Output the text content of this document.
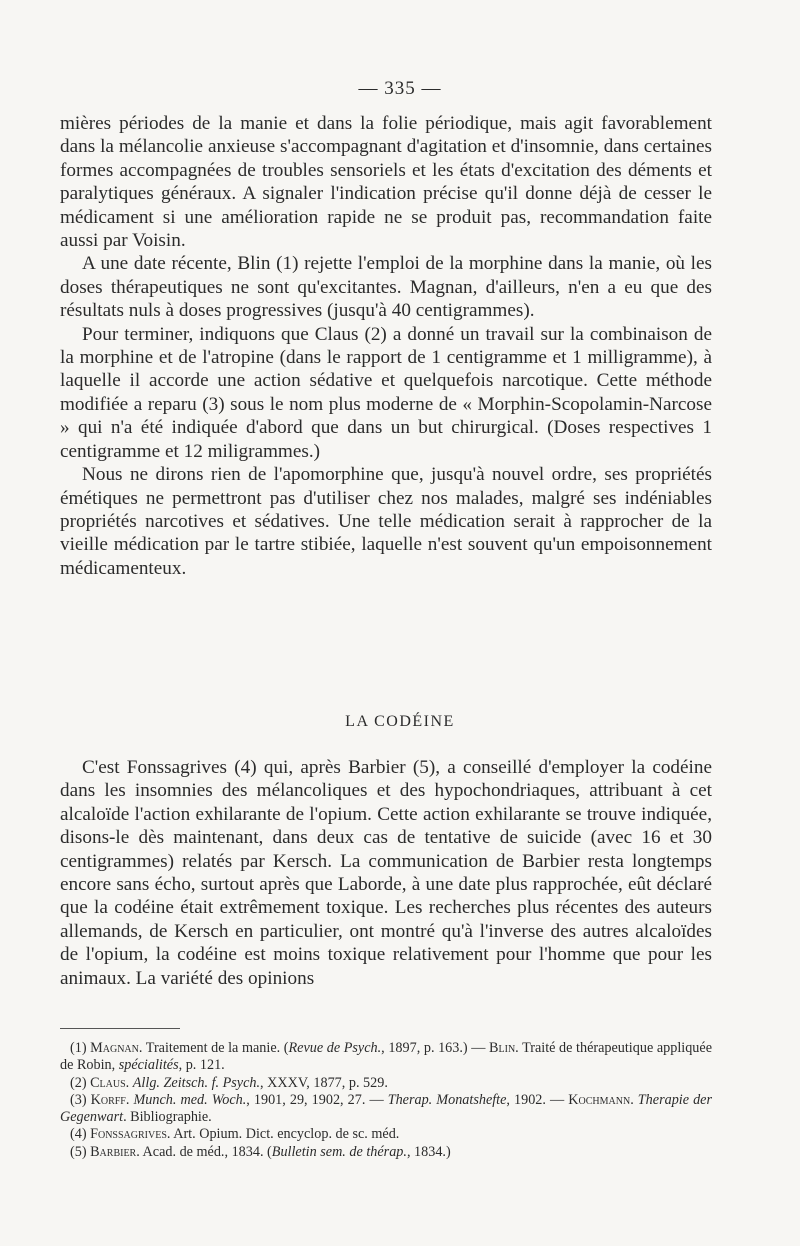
— 335 —

mières périodes de la manie et dans la folie périodique, mais agit favorablement dans la mélancolie anxieuse s'accompagnant d'agitation et d'insomnie, dans certaines formes accompagnées de troubles sensoriels et les états d'excitation des déments et paralytiques généraux. A signaler l'indication précise qu'il donne déjà de cesser le médicament si une amélioration rapide ne se produit pas, recommandation faite aussi par Voisin.

A une date récente, Blin (1) rejette l'emploi de la morphine dans la manie, où les doses thérapeutiques ne sont qu'excitantes. Magnan, d'ailleurs, n'en a eu que des résultats nuls à doses progressives (jusqu'à 40 centigrammes).

Pour terminer, indiquons que Claus (2) a donné un travail sur la combinaison de la morphine et de l'atropine (dans le rapport de 1 centigramme et 1 milligramme), à laquelle il accorde une action sédative et quelquefois narcotique. Cette méthode modifiée a reparu (3) sous le nom plus moderne de « Morphin-Scopolamin-Narcose » qui n'a été indiquée d'abord que dans un but chirurgical. (Doses respectives 1 centigramme et 12 miligrammes.)

Nous ne dirons rien de l'apomorphine que, jusqu'à nouvel ordre, ses propriétés émétiques ne permettront pas d'utiliser chez nos malades, malgré ses indéniables propriétés narcotives et sédatives. Une telle médication serait à rapprocher de la vieille médication par le tartre stibiée, laquelle n'est souvent qu'un empoisonnement médicamenteux.

LA CODÉINE

C'est Fonssagrives (4) qui, après Barbier (5), a conseillé d'employer la codéine dans les insomnies des mélancoliques et des hypochondriaques, attribuant à cet alcaloïde l'action exhilarante de l'opium. Cette action exhilarante se trouve indiquée, disons-le dès maintenant, dans deux cas de tentative de suicide (avec 16 et 30 centigrammes) relatés par Kersch. La communication de Barbier resta longtemps encore sans écho, surtout après que Laborde, à une date plus rapprochée, eût déclaré que la codéine était extrêmement toxique. Les recherches plus récentes des auteurs allemands, de Kersch en particulier, ont montré qu'à l'inverse des autres alcaloïdes de l'opium, la codéine est moins toxique relativement pour l'homme que pour les animaux. La variété des opinions

(1) Magnan. Traitement de la manie. (Revue de Psych., 1897, p. 163.) — Blin. Traité de thérapeutique appliquée de Robin, spécialités, p. 121.

(2) Claus. Allg. Zeitsch. f. Psych., XXXV, 1877, p. 529.

(3) Korff. Munch. med. Woch., 1901, 29, 1902, 27. — Therap. Monatshefte, 1902. — Kochmann. Therapie der Gegenwart. Bibliographie.

(4) Fonssagrives. Art. Opium. Dict. encyclop. de sc. méd.

(5) Barbier. Acad. de méd., 1834. (Bulletin sem. de thérap., 1834.)
